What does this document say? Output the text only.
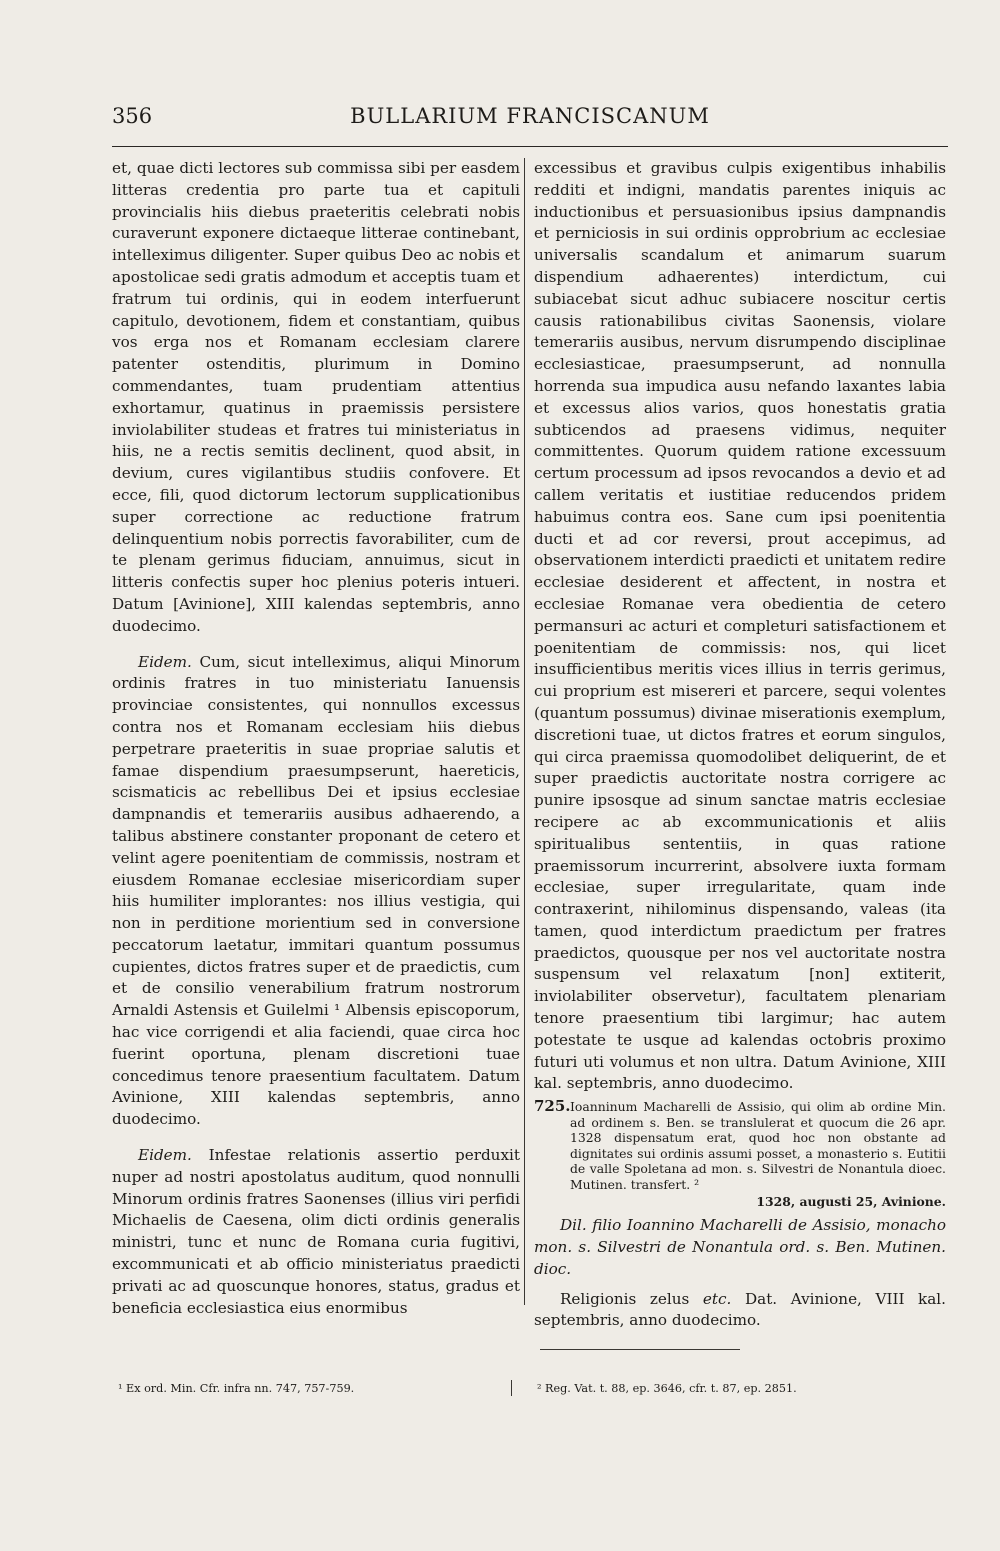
356	BULLARIUM FRANCISCANUM

et, quae dicti lectores sub commissa sibi per easdem litteras credentia pro parte tua et capituli provincialis hiis diebus praeteritis celebrati nobis curaverunt exponere dictaeque litterae continebant, intelleximus diligenter. Super quibus Deo ac nobis et apostolicae sedi gratis admodum et acceptis tuam et fratrum tui ordinis, qui in eodem interfuerunt capitulo, devotionem, fidem et constantiam, quibus vos erga nos et Romanam ecclesiam clarere patenter ostenditis, plurimum in Domino commendantes, tuam prudentiam attentius exhortamur, quatinus in praemissis persistere inviolabiliter studeas et fratres tui ministeriatus in hiis, ne a rectis semitis declinent, quod absit, in devium, cures vigilantibus studiis confovere. Et ecce, fili, quod dictorum lectorum supplicationibus super correctione ac reductione fratrum delinquentium nobis porrectis favorabiliter, cum de te plenam gerimus fiduciam, annuimus, sicut in litteris confectis super hoc plenius poteris intueri. Datum [Avinione], XIII kalendas septembris, anno duodecimo.

Eidem. Cum, sicut intelleximus, aliqui Minorum ordinis fratres in tuo ministeriatu Ianuensis provinciae consistentes, qui nonnullos excessus contra nos et Romanam ecclesiam hiis diebus perpetrare praeteritis in suae propriae salutis et famae dispendium praesumpserunt, haereticis, scismaticis ac rebellibus Dei et ipsius ecclesiae dampnandis et temerariis ausibus adhaerendo, a talibus abstinere constanter proponant de cetero et velint agere poenitentiam de commissis, nostram et eiusdem Romanae ecclesiae misericordiam super hiis humiliter implorantes: nos illius vestigia, qui non in perditione morientium sed in conversione peccatorum laetatur, immitari quantum possumus cupientes, dictos fratres super et de praedictis, cum et de consilio venerabilium fratrum nostrorum Arnaldi Astensis et Guilelmi ¹ Albensis episcoporum, hac vice corrigendi et alia faciendi, quae circa hoc fuerint oportuna, plenam discretioni tuae concedimus tenore praesentium facultatem. Datum Avinione, XIII kalendas septembris, anno duodecimo.

Eidem. Infestae relationis assertio perduxit nuper ad nostri apostolatus auditum, quod nonnulli Minorum ordinis fratres Saonenses (illius viri perfidi Michaelis de Caesena, olim dicti ordinis generalis ministri, tunc et nunc de Romana curia fugitivi, excommunicati et ab officio ministeriatus praedicti privati ac ad quoscunque honores, status, gradus et beneficia ecclesiastica eius enormibus

excessibus et gravibus culpis exigentibus inhabilis redditi et indigni, mandatis parentes iniquis ac inductionibus et persuasionibus ipsius dampnandis et perniciosis in sui ordinis opprobrium ac ecclesiae universalis scandalum et animarum suarum dispendium adhaerentes) interdictum, cui subiacebat sicut adhuc subiacere noscitur certis causis rationabilibus civitas Saonensis, violare temerariis ausibus, nervum disrumpendo disciplinae ecclesiasticae, praesumpserunt, ad nonnulla horrenda sua impudica ausu nefando laxantes labia et excessus alios varios, quos honestatis gratia subticendos ad praesens vidimus, nequiter committentes. Quorum quidem ratione excessuum certum processum ad ipsos revocandos a devio et ad callem veritatis et iustitiae reducendos pridem habuimus contra eos. Sane cum ipsi poenitentia ducti et ad cor reversi, prout accepimus, ad observationem interdicti praedicti et unitatem redire ecclesiae desiderent et affectent, in nostra et ecclesiae Romanae vera obedientia de cetero permansuri ac acturi et completuri satisfactionem et poenitentiam de commissis: nos, qui licet insufficientibus meritis vices illius in terris gerimus, cui proprium est misereri et parcere, sequi volentes (quantum possumus) divinae miserationis exemplum, discretioni tuae, ut dictos fratres et eorum singulos, qui circa praemissa quomodolibet deliquerint, de et super praedictis auctoritate nostra corrigere ac punire ipsosque ad sinum sanctae matris ecclesiae recipere ac ab excommunicationis et aliis spiritualibus sententiis, in quas ratione praemissorum incurrerint, absolvere iuxta formam ecclesiae, super irregularitate, quam inde contraxerint, nihilominus dispensando, valeas (ita tamen, quod interdictum praedictum per fratres praedictos, quousque per nos vel auctoritate nostra suspensum vel relaxatum [non] extiterit, inviolabiliter observetur), facultatem plenariam tenore praesentium tibi largimur; hac autem potestate te usque ad kalendas octobris proximo futuri uti volumus et non ultra. Datum Avinione, XIII kal. septembris, anno duodecimo.

725. Ioanninum Macharelli de Assisio, qui olim ab ordine Min. ad ordinem s. Ben. se translulerat et quocum die 26 apr. 1328 dispensatum erat, quod hoc non obstante ad dignitates sui ordinis assumi posset, a monasterio s. Eutitii de valle Spoletana ad mon. s. Silvestri de Nonantula dioec. Mutinen. transfert. ²
1328, augusti 25, Avinione.
Dil. filio Ioannino Macharelli de Assisio, monacho mon. s. Silvestri de Nonantula ord. s. Ben. Mutinen. dioc.
Religionis zelus etc. Dat. Avinione, VIII kal. septembris, anno duodecimo.
¹ Ex ord. Min. Cfr. infra nn. 747, 757-759.	² Reg. Vat. t. 88, ep. 3646, cfr. t. 87, ep. 2851.
